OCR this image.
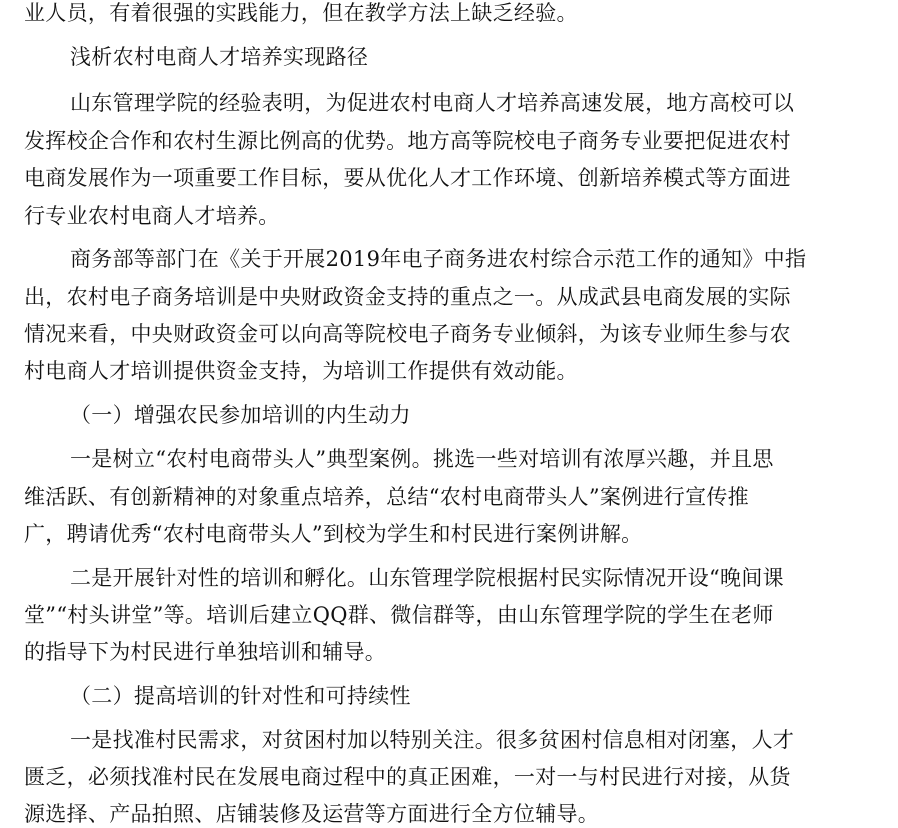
业人员，有着很强的实践能力，但在教学方法上缺乏经验。
浅析农村电商人才培养实现路径
山东管理学院的经验表明，为促进农村电商人才培养高速发展，地方高校可以
发挥校企合作和农村生源比例高的优势。地方高等院校电子商务专业要把促进农村
电商发展作为一项重要工作目标，要从优化人才工作环境、创新培养模式等方面进
行专业农村电商人才培养。
商务部等部门在《关于开展2019年电子商务进农村综合示范工作的通知》中指
出，农村电子商务培训是中央财政资金支持的重点之一。从成武县电商发展的实际
情况来看，中央财政资金可以向高等院校电子商务专业倾斜，为该专业师生参与农
村电商人才培训提供资金支持，为培训工作提供有效动能。
（一）增强农民参加培训的内生动力
一是树立“农村电商带头人”典型案例。挑选一些对培训有浓厚兴趣，并且思
维活跃、有创新精神的对象重点培养，总结“农村电商带头人”案例进行宣传推
广，聘请优秀“农村电商带头人”到校为学生和村民进行案例讲解。
二是开展针对性的培训和孵化。山东管理学院根据村民实际情况开设“晚间课
堂”“村头讲堂”等。培训后建立QQ群、微信群等，由山东管理学院的学生在老师
的指导下为村民进行单独培训和辅导。
（二）提高培训的针对性和可持续性
一是找准村民需求，对贫困村加以特别关注。很多贫困村信息相对闭塞，人才
匮乏，必须找准村民在发展电商过程中的真正困难，一对一与村民进行对接，从货
源选择、产品拍照、店铺装修及运营等方面进行全方位辅导。
